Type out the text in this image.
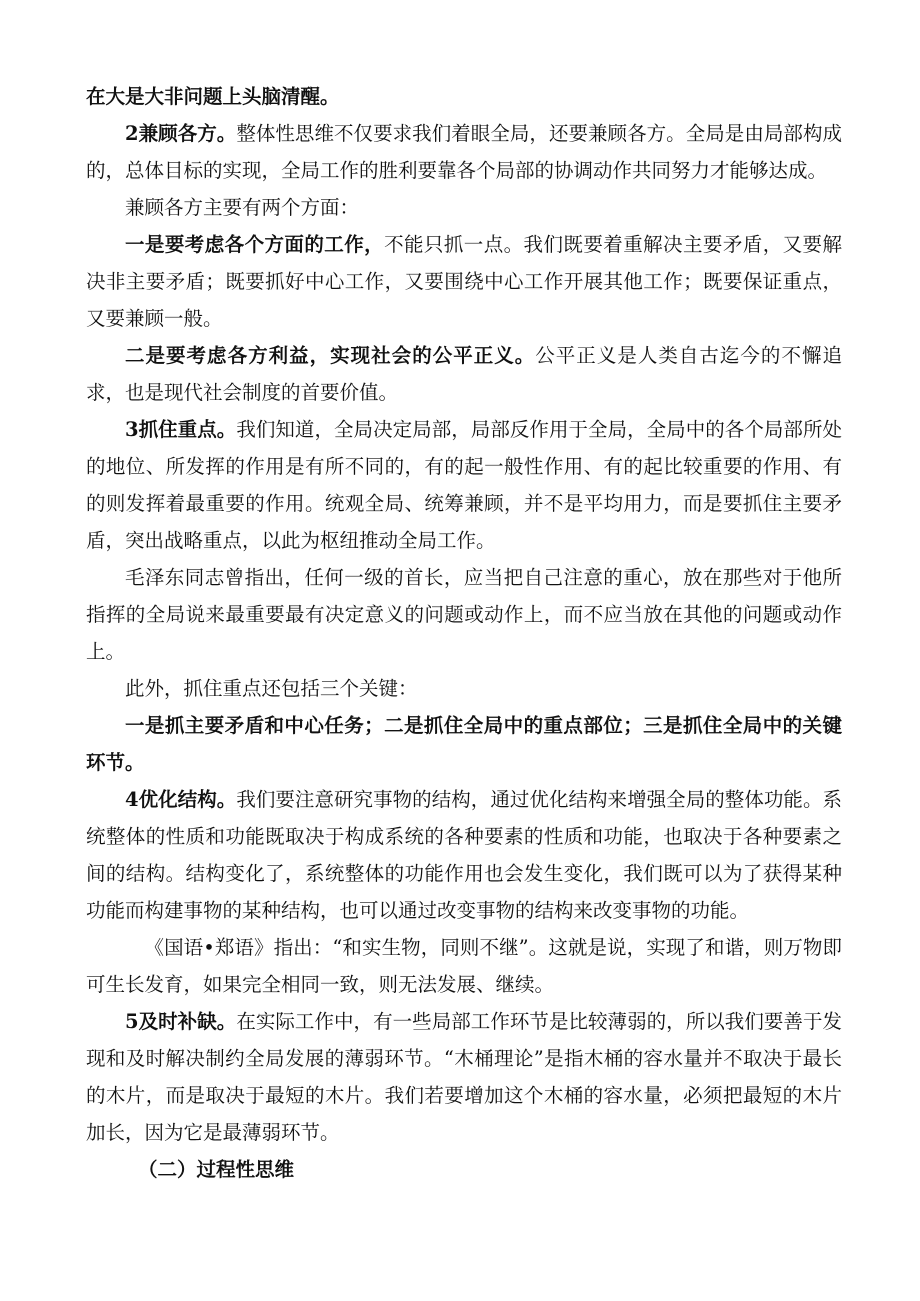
在大是大非问题上头脑清醒。

2兼顾各方。整体性思维不仅要求我们着眼全局，还要兼顾各方。全局是由局部构成的，总体目标的实现，全局工作的胜利要靠各个局部的协调动作共同努力才能够达成。

兼顾各方主要有两个方面：

一是要考虑各个方面的工作，不能只抓一点。我们既要着重解决主要矛盾，又要解决非主要矛盾；既要抓好中心工作，又要围绕中心工作开展其他工作；既要保证重点，又要兼顾一般。

二是要考虑各方利益，实现社会的公平正义。公平正义是人类自古迄今的不懈追求，也是现代社会制度的首要价值。

3抓住重点。我们知道，全局决定局部，局部反作用于全局，全局中的各个局部所处的地位、所发挥的作用是有所不同的，有的起一般性作用、有的起比较重要的作用、有的则发挥着最重要的作用。统观全局、统筹兼顾，并不是平均用力，而是要抓住主要矛盾，突出战略重点，以此为枢纽推动全局工作。

毛泽东同志曾指出，任何一级的首长，应当把自己注意的重心，放在那些对于他所指挥的全局说来最重要最有决定意义的问题或动作上，而不应当放在其他的问题或动作上。

此外，抓住重点还包括三个关键：

一是抓主要矛盾和中心任务；二是抓住全局中的重点部位；三是抓住全局中的关键环节。

4优化结构。我们要注意研究事物的结构，通过优化结构来增强全局的整体功能。系统整体的性质和功能既取决于构成系统的各种要素的性质和功能，也取决于各种要素之间的结构。结构变化了，系统整体的功能作用也会发生变化，我们既可以为了获得某种功能而构建事物的某种结构，也可以通过改变事物的结构来改变事物的功能。

《国语•郑语》指出：“和实生物，同则不继”。这就是说，实现了和谐，则万物即可生长发育，如果完全相同一致，则无法发展、继续。

5及时补缺。在实际工作中，有一些局部工作环节是比较薄弱的，所以我们要善于发现和及时解决制约全局发展的薄弱环节。“木桶理论”是指木桶的容水量并不取决于最长的木片，而是取决于最短的木片。我们若要增加这个木桶的容水量，必须把最短的木片加长，因为它是最薄弱环节。

（二）过程性思维
